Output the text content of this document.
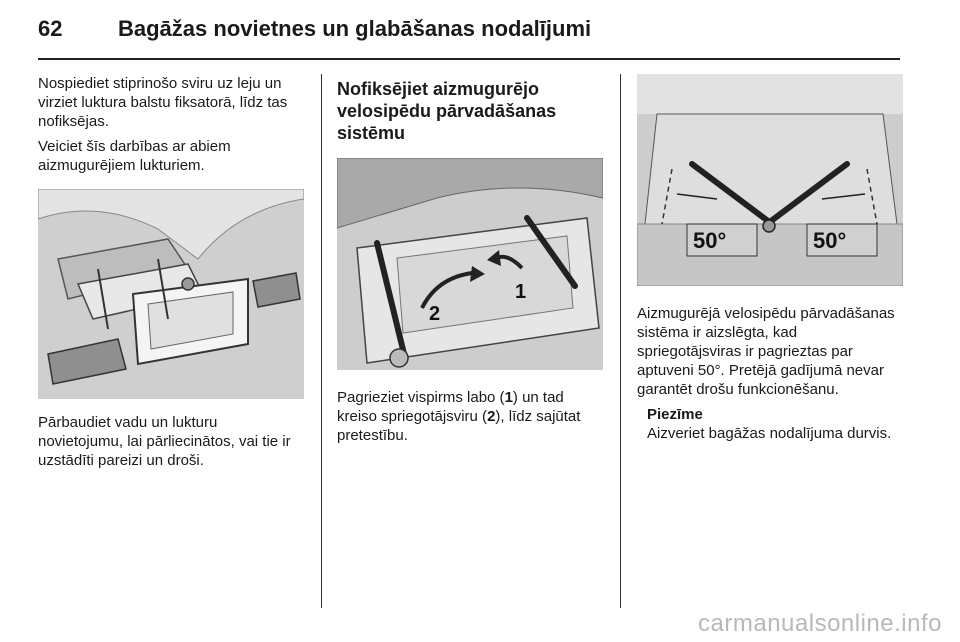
62	Bagāžas novietnes un glabāšanas nodalījumi

Nospiediet stiprinošo sviru uz leju un virziet luktura balstu fiksatorā, līdz tas nofiksējas.

Veiciet šīs darbības ar abiem aizmugurējiem lukturiem.

Pārbaudiet vadu un lukturu novietojumu, lai pārliecinātos, vai tie ir uzstādīti pareizi un droši.

Nofiksējiet aizmugurējo velosipēdu pārvadāšanas sistēmu
1
2

Pagrieziet vispirms labo (1) un tad kreiso spriegotājsviru (2), līdz sajūtat pretestību.

50°	50°

Aizmugurējā velosipēdu pārvadāšanas sistēma ir aizslēgta, kad spriegotājsviras ir pagrieztas par aptuveni 50°. Pretējā gadījumā nevar garantēt drošu funkcionēšanu.

Piezīme
Aizveriet bagāžas nodalījuma durvis.
carmanualsonline.info
